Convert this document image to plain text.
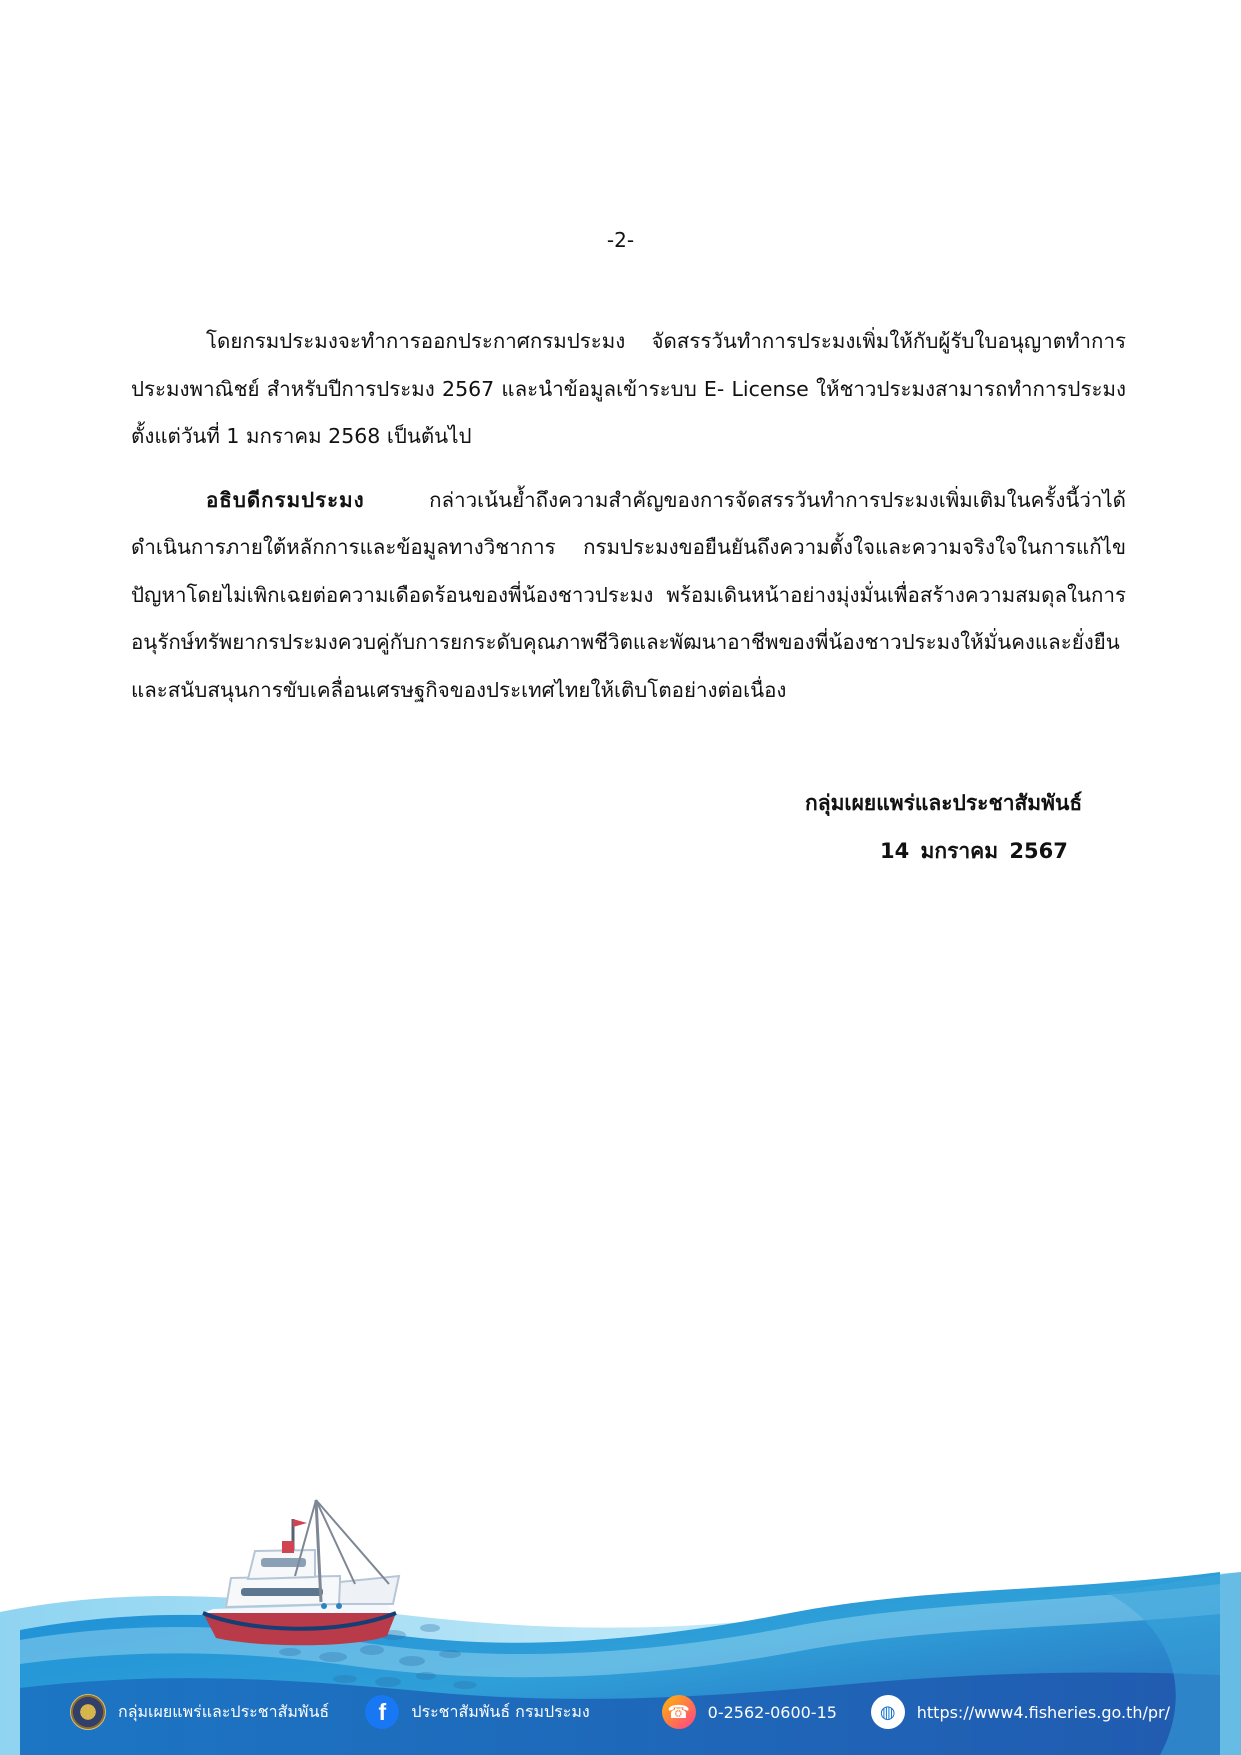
-2-

โดยกรมประมงจะทำการออกประกาศกรมประมง จัดสรรวันทำการประมงเพิ่มให้กับผู้รับใบอนุญาตทำการประมงพาณิชย์ สำหรับปีการประมง 2567 และนำข้อมูลเข้าระบบ E- License ให้ชาวประมงสามารถทำการประมงตั้งแต่วันที่ 1 มกราคม 2568 เป็นต้นไป

อธิบดีกรมประมง กล่าวเน้นย้ำถึงความสำคัญของการจัดสรรวันทำการประมงเพิ่มเติมในครั้งนี้ว่าได้ดำเนินการภายใต้หลักการและข้อมูลทางวิชาการ กรมประมงขอยืนยันถึงความตั้งใจและความจริงใจในการแก้ไขปัญหาโดยไม่เพิกเฉยต่อความเดือดร้อนของพี่น้องชาวประมง พร้อมเดินหน้าอย่างมุ่งมั่นเพื่อสร้างความสมดุลในการอนุรักษ์ทรัพยากรประมงควบคู่กับการยกระดับคุณภาพชีวิตและพัฒนาอาชีพของพี่น้องชาวประมงให้มั่นคงและยั่งยืนและสนับสนุนการขับเคลื่อนเศรษฐกิจของประเทศไทยให้เติบโตอย่างต่อเนื่อง

กลุ่มเผยแพร่และประชาสัมพันธ์
14 มกราคม 2567
กลุ่มเผยแพร่และประชาสัมพันธ์	f	ประชาสัมพันธ์ กรมประมง	☎	0-2562-0600-15	◍	https://www4.fisheries.go.th/pr/
